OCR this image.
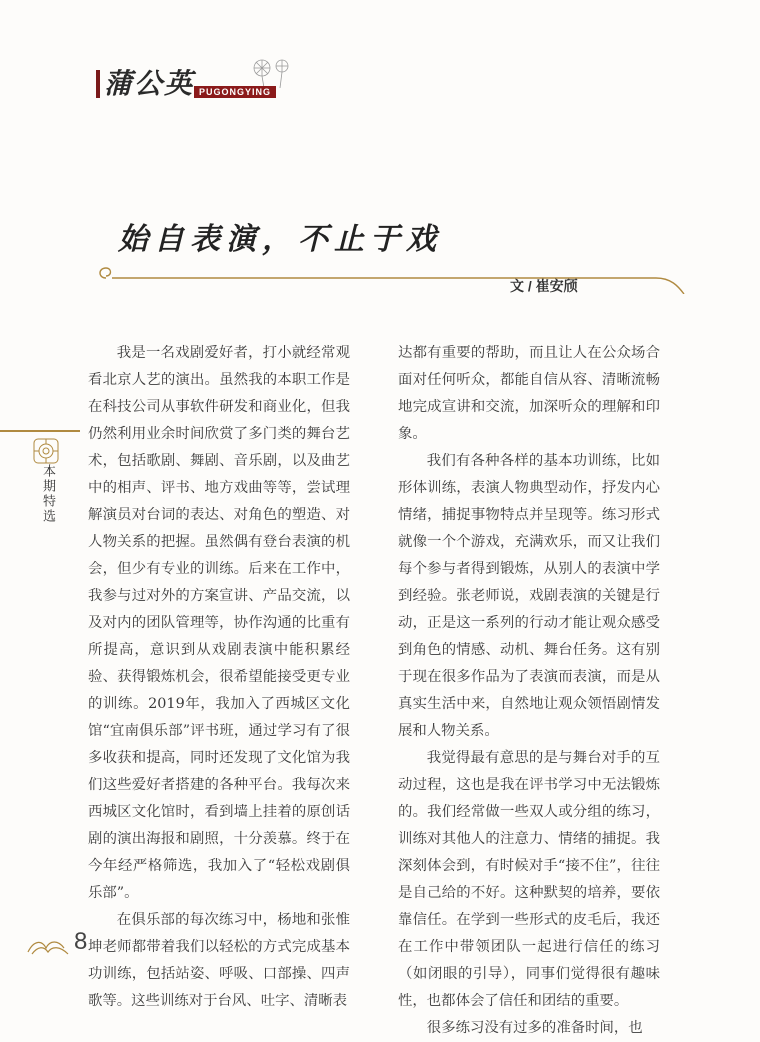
蒲公英 PUGONGYING
始自表演，不止于戏
文 / 崔安颀
本期特选

我是一名戏剧爱好者，打小就经常观看北京人艺的演出。虽然我的本职工作是在科技公司从事软件研发和商业化，但我仍然利用业余时间欣赏了多门类的舞台艺术，包括歌剧、舞剧、音乐剧，以及曲艺中的相声、评书、地方戏曲等等，尝试理解演员对台词的表达、对角色的塑造、对人物关系的把握。虽然偶有登台表演的机会，但少有专业的训练。后来在工作中，我参与过对外的方案宣讲、产品交流，以及对内的团队管理等，协作沟通的比重有所提高，意识到从戏剧表演中能积累经验、获得锻炼机会，很希望能接受更专业的训练。2019年，我加入了西城区文化馆“宜南俱乐部”评书班，通过学习有了很多收获和提高，同时还发现了文化馆为我们这些爱好者搭建的各种平台。我每次来西城区文化馆时，看到墙上挂着的原创话剧的演出海报和剧照，十分羡慕。终于在今年经严格筛选，我加入了“轻松戏剧俱乐部”。

在俱乐部的每次练习中，杨地和张惟坤老师都带着我们以轻松的方式完成基本功训练，包括站姿、呼吸、口部操、四声歌等。这些训练对于台风、吐字、清晰表

达都有重要的帮助，而且让人在公众场合面对任何听众，都能自信从容、清晰流畅地完成宣讲和交流，加深听众的理解和印象。

我们有各种各样的基本功训练，比如形体训练，表演人物典型动作，抒发内心情绪，捕捉事物特点并呈现等。练习形式就像一个个游戏，充满欢乐，而又让我们每个参与者得到锻炼，从别人的表演中学到经验。张老师说，戏剧表演的关键是行动，正是这一系列的行动才能让观众感受到角色的情感、动机、舞台任务。这有别于现在很多作品为了表演而表演，而是从真实生活中来，自然地让观众领悟剧情发展和人物关系。

我觉得最有意思的是与舞台对手的互动过程，这也是我在评书学习中无法锻炼的。我们经常做一些双人或分组的练习，训练对其他人的注意力、情绪的捕捉。我深刻体会到，有时候对手“接不住”，往往是自己给的不好。这种默契的培养，要依靠信任。在学到一些形式的皮毛后，我还在工作中带领团队一起进行信任的练习（如闭眼的引导），同事们觉得很有趣味性，也都体会了信任和团结的重要。

很多练习没有过多的准备时间，也

8
